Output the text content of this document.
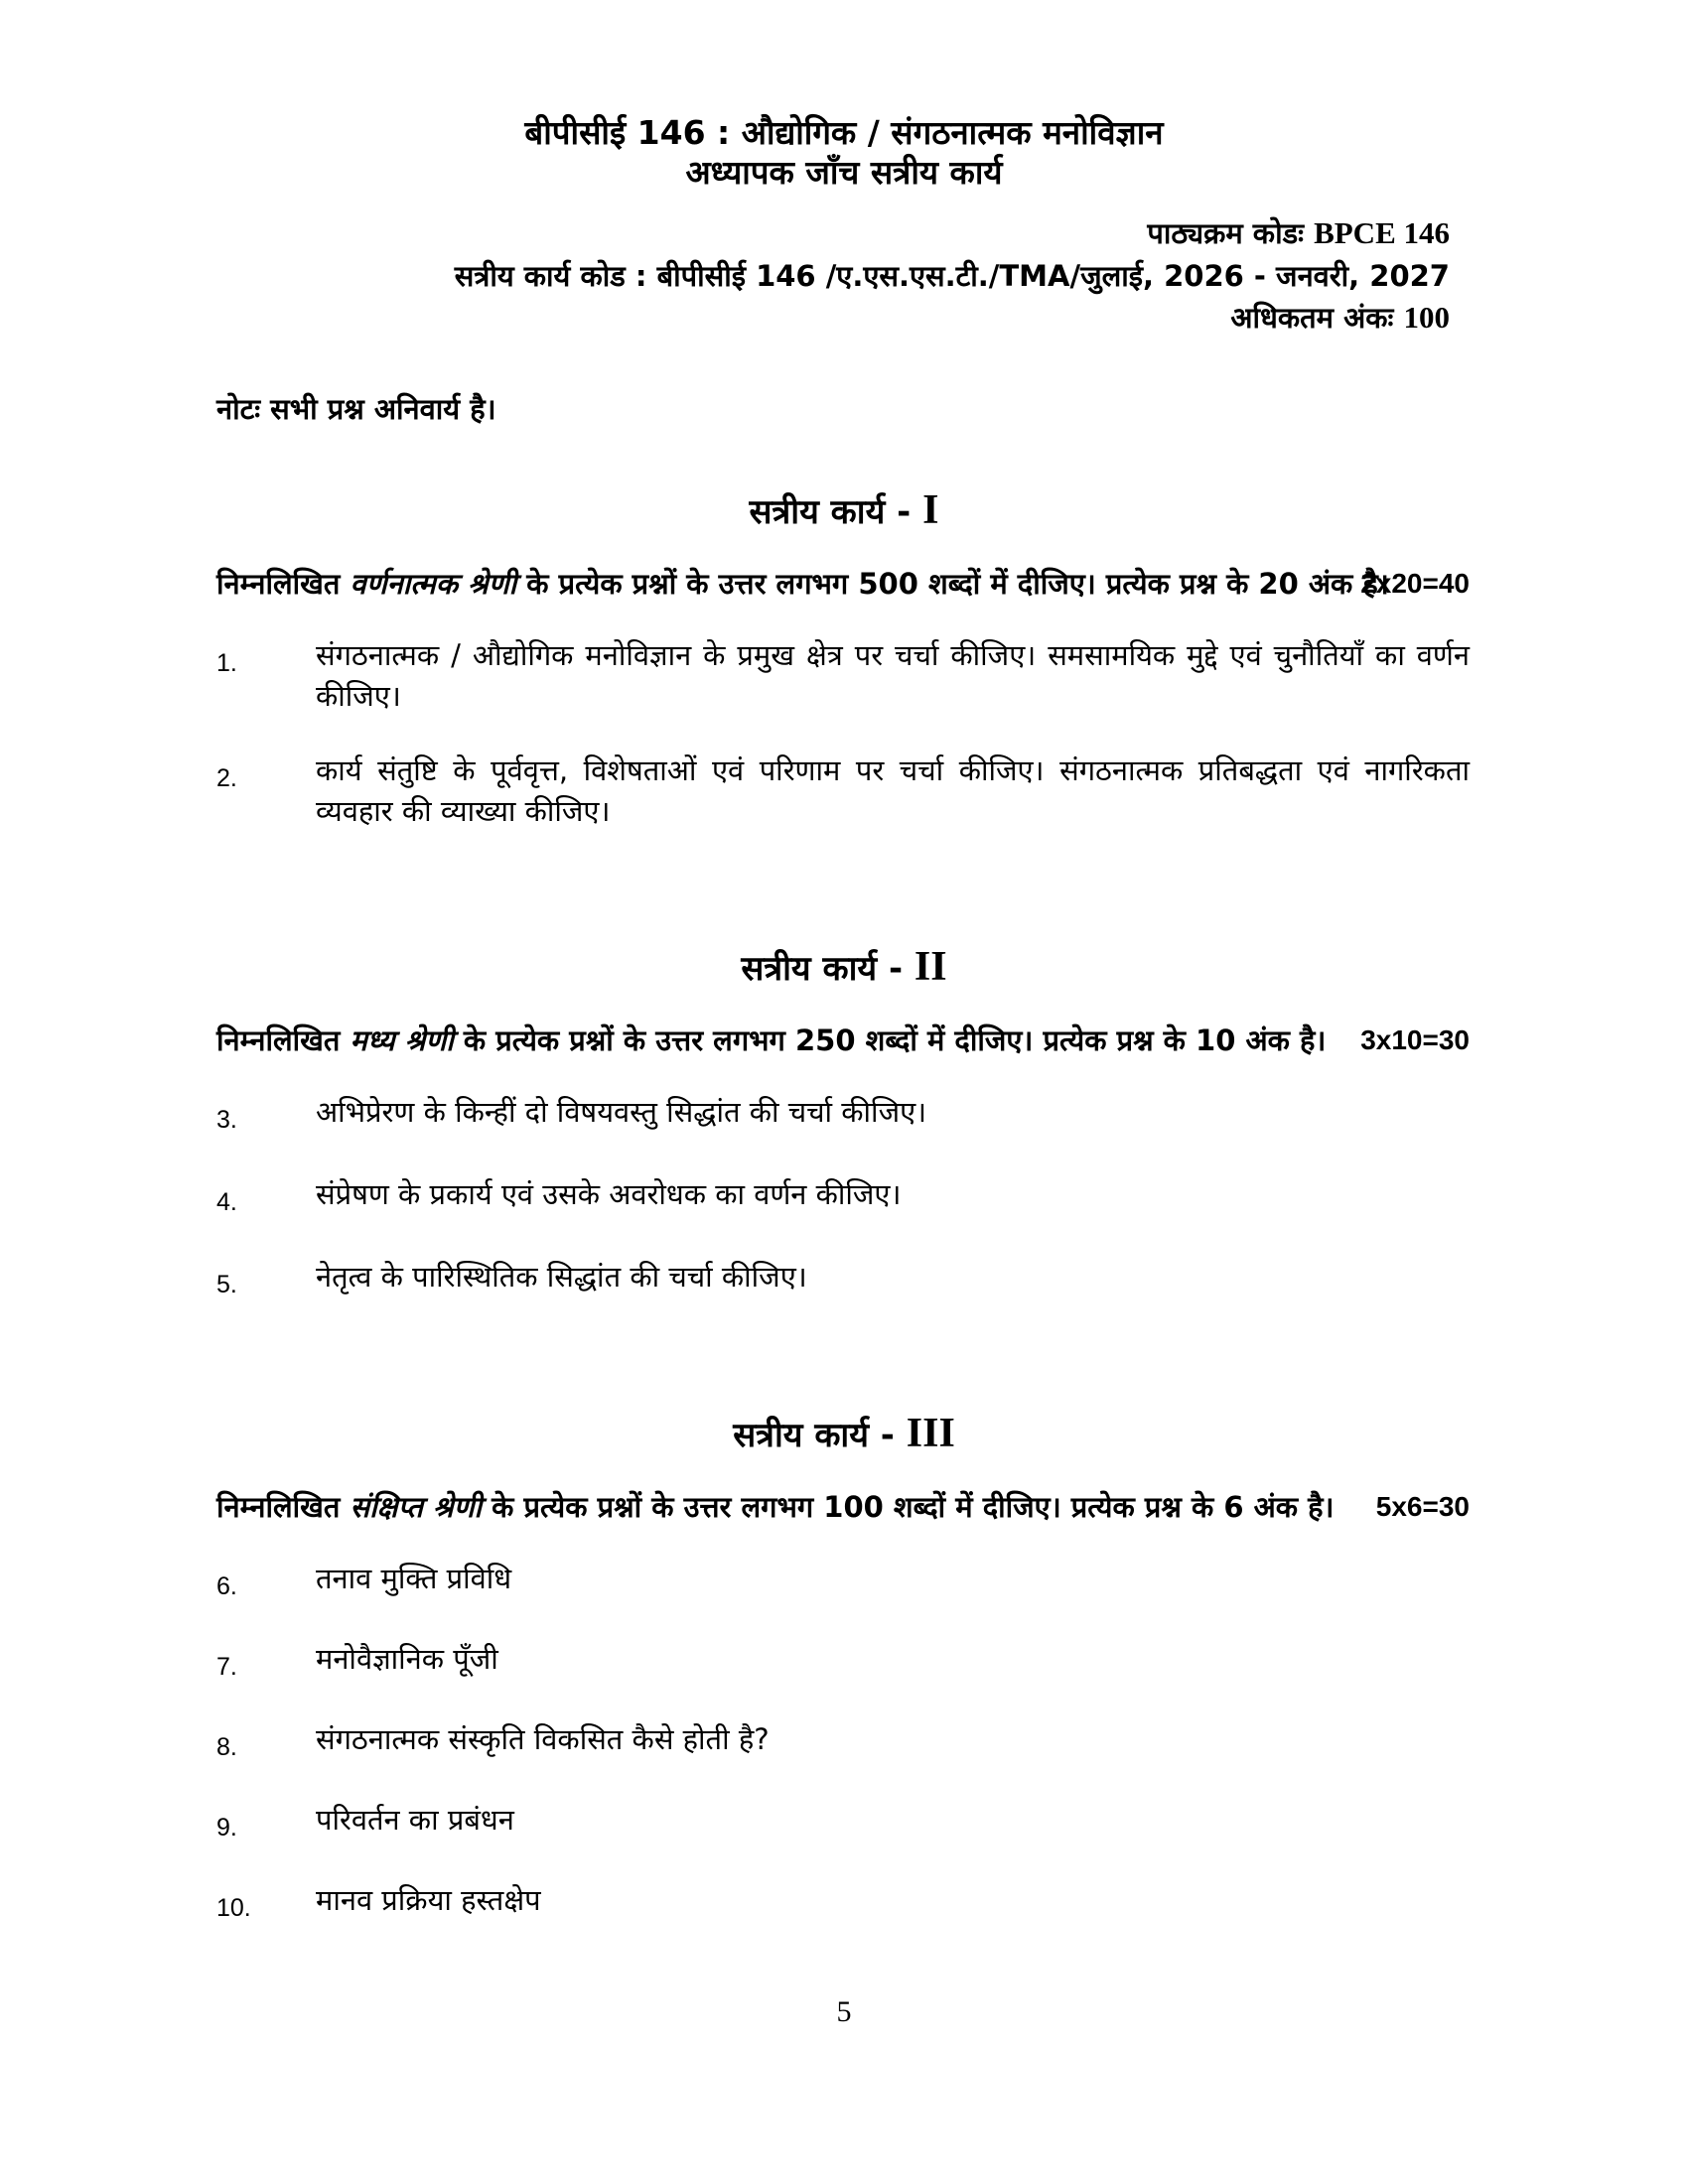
बीपीसीई 146 : औद्योगिक / संगठनात्मक मनोविज्ञान
अध्यापक जाँच सत्रीय कार्य
पाठ्यक्रम कोडः BPCE 146
सत्रीय कार्य कोड : बीपीसीई 146 /ए.एस.एस.टी./TMA/जुलाई, 2026 - जनवरी, 2027
अधिकतम अंकः 100
नोटः सभी प्रश्न अनिवार्य है।
सत्रीय कार्य - I
निम्नलिखित वर्णनात्मक श्रेणी के प्रत्येक प्रश्नों के उत्तर लगभग 500 शब्दों में दीजिए। प्रत्येक प्रश्न के 20 अंक है।
2x20=40
1.	संगठनात्मक / औद्योगिक मनोविज्ञान के प्रमुख क्षेत्र पर चर्चा कीजिए। समसामयिक मुद्दे एवं चुनौतियाँ का वर्णन कीजिए।
2.	कार्य संतुष्टि के पूर्ववृत्त, विशेषताओं एवं परिणाम पर चर्चा कीजिए। संगठनात्मक प्रतिबद्धता एवं नागरिकता व्यवहार की व्याख्या कीजिए।
सत्रीय कार्य - II
निम्नलिखित मध्य श्रेणी के प्रत्येक प्रश्नों के उत्तर लगभग 250 शब्दों में दीजिए। प्रत्येक प्रश्न के 10 अंक है। 3x10=30
3.	अभिप्रेरण के किन्हीं दो विषयवस्तु सिद्धांत की चर्चा कीजिए।
4.	संप्रेषण के प्रकार्य एवं उसके अवरोधक का वर्णन कीजिए।
5.	नेतृत्व के पारिस्थितिक सिद्धांत की चर्चा कीजिए।
सत्रीय कार्य - III
निम्नलिखित संक्षिप्त श्रेणी के प्रत्येक प्रश्नों के उत्तर लगभग 100 शब्दों में दीजिए। प्रत्येक प्रश्न के 6 अंक है। 5x6=30
6.	तनाव मुक्ति प्रविधि
7.	मनोवैज्ञानिक पूँजी
8.	संगठनात्मक संस्कृति विकसित कैसे होती है?
9.	परिवर्तन का प्रबंधन
10.	मानव प्रक्रिया हस्तक्षेप
5
